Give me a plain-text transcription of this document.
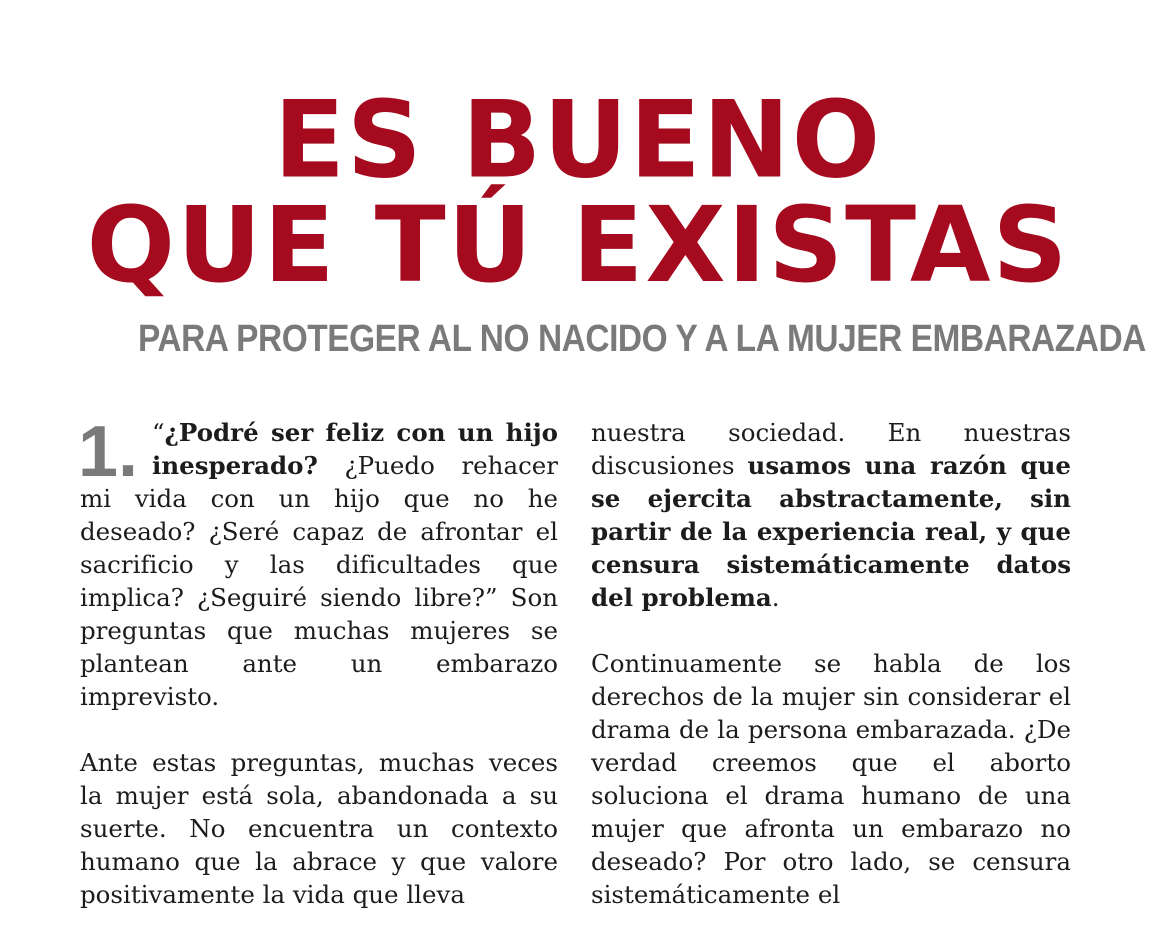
ES BUENO
QUE TÚ EXISTAS
PARA PROTEGER AL NO NACIDO Y A LA MUJER EMBARAZADA

1. “¿Podré ser feliz con un hijo inesperado? ¿Puedo rehacer mi vida con un hijo que no he deseado? ¿Seré capaz de afrontar el sacrificio y las dificultades que implica? ¿Seguiré siendo libre?” Son preguntas que muchas mujeres se plantean ante un embarazo imprevisto.

Ante estas preguntas, muchas veces la mujer está sola, abandonada a su suerte. No encuentra un contexto humano que la abrace y que valore positivamente la vida que lleva

nuestra sociedad. En nuestras discusiones usamos una razón que se ejercita abstractamente, sin partir de la experiencia real, y que censura sistemáticamente datos del problema.

Continuamente se habla de los derechos de la mujer sin considerar el drama de la persona embarazada. ¿De verdad creemos que el aborto soluciona el drama humano de una mujer que afronta un embarazo no deseado? Por otro lado, se censura sistemáticamente el
